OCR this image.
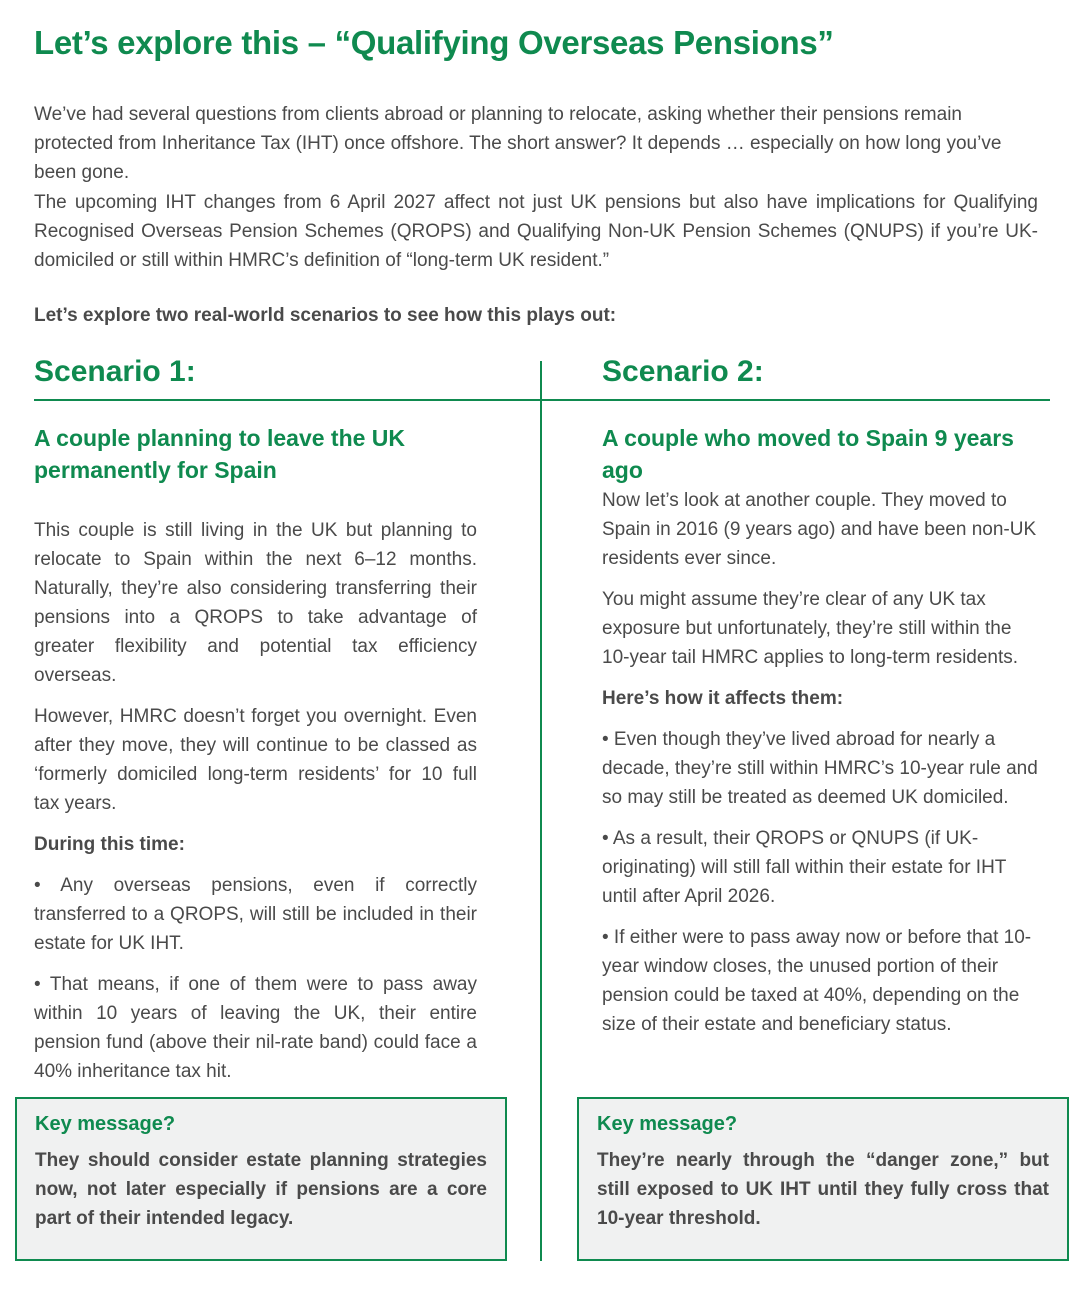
Let’s explore this – “Qualifying Overseas Pensions”

We’ve had several questions from clients abroad or planning to relocate, asking whether their pensions remain protected from Inheritance Tax (IHT) once offshore. The short answer? It depends … especially on how long you’ve been gone.

The upcoming IHT changes from 6 April 2027 affect not just UK pensions but also have implications for Qualifying Recognised Overseas Pension Schemes (QROPS) and Qualifying Non-UK Pension Schemes (QNUPS) if you’re UK-domiciled or still within HMRC’s definition of “long-term UK resident.”

Let’s explore two real-world scenarios to see how this plays out:

Scenario 1:
A couple planning to leave the UK permanently for Spain

This couple is still living in the UK but planning to relocate to Spain within the next 6–12 months. Naturally, they’re also considering transferring their pensions into a QROPS to take advantage of greater flexibility and potential tax efficiency overseas.

However, HMRC doesn’t forget you overnight. Even after they move, they will continue to be classed as ‘formerly domiciled long-term residents’ for 10 full tax years.

During this time:

• Any overseas pensions, even if correctly transferred to a QROPS, will still be included in their estate for UK IHT.

• That means, if one of them were to pass away within 10 years of leaving the UK, their entire pension fund (above their nil-rate band) could face a 40% inheritance tax hit.

Key message?

They should consider estate planning strategies now, not later especially if pensions are a core part of their intended legacy.

Scenario 2:
A couple who moved to Spain 9 years ago

Now let’s look at another couple. They moved to Spain in 2016 (9 years ago) and have been non-UK residents ever since.

You might assume they’re clear of any UK tax exposure but unfortunately, they’re still within the 10-year tail HMRC applies to long-term residents.

Here’s how it affects them:

• Even though they’ve lived abroad for nearly a decade, they’re still within HMRC’s 10-year rule and so may still be treated as deemed UK domiciled.

• As a result, their QROPS or QNUPS (if UK-originating) will still fall within their estate for IHT until after April 2026.

• If either were to pass away now or before that 10-year window closes, the unused portion of their pension could be taxed at 40%, depending on the size of their estate and beneficiary status.

Key message?

They’re nearly through the “danger zone,” but still exposed to UK IHT until they fully cross that 10-year threshold.
